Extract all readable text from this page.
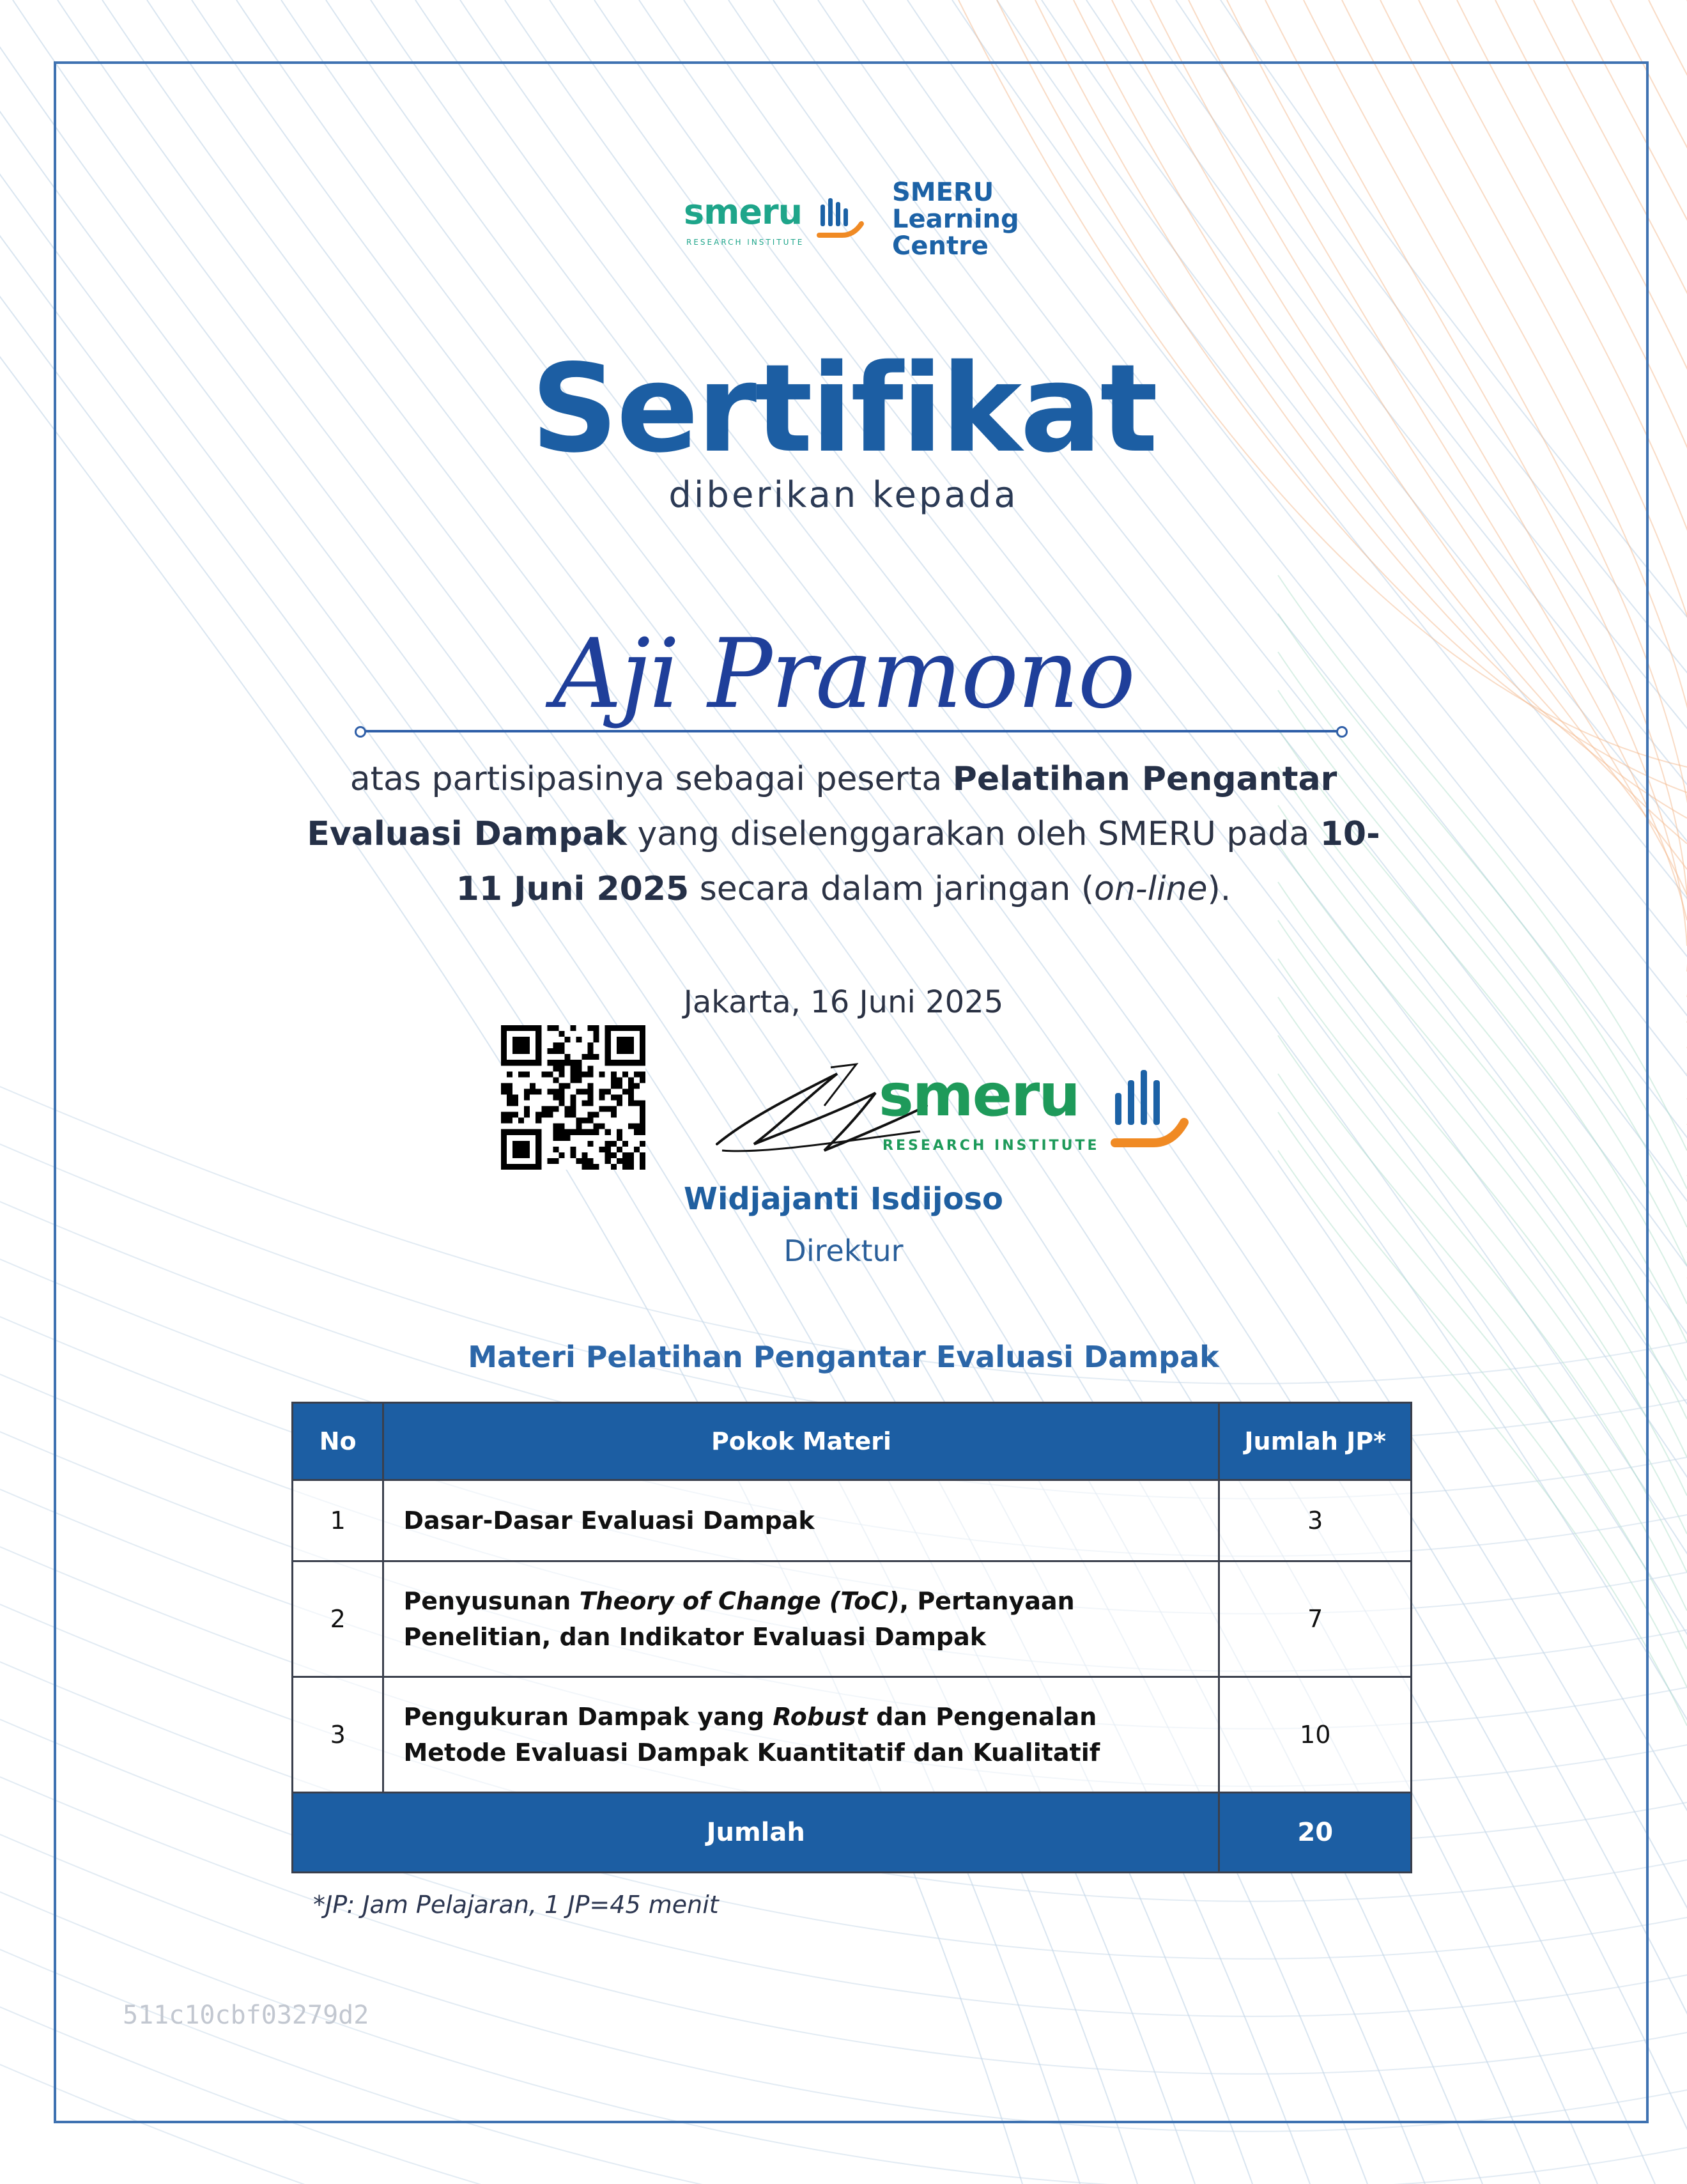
smeru
RESEARCH INSTITUTE
SMERU
Learning
Centre
Sertifikat
diberikan kepada
Aji Pramono
atas partisipasinya sebagai peserta Pelatihan Pengantar Evaluasi Dampak yang diselenggarakan oleh SMERU pada 10-11 Juni 2025 secara dalam jaringan (on-line).
Jakarta, 16 Juni 2025
smeru
RESEARCH INSTITUTE
Widjajanti Isdijoso
Direktur
Materi Pelatihan Pengantar Evaluasi Dampak
No	Pokok Materi	Jumlah JP*
1	Dasar-Dasar Evaluasi Dampak	3
2	Penyusunan Theory of Change (ToC), Pertanyaan Penelitian, dan Indikator Evaluasi Dampak	7
3	Pengukuran Dampak yang Robust dan Pengenalan Metode Evaluasi Dampak Kuantitatif dan Kualitatif	10
Jumlah		20
*JP: Jam Pelajaran, 1 JP=45 menit
511c10cbf03279d2
